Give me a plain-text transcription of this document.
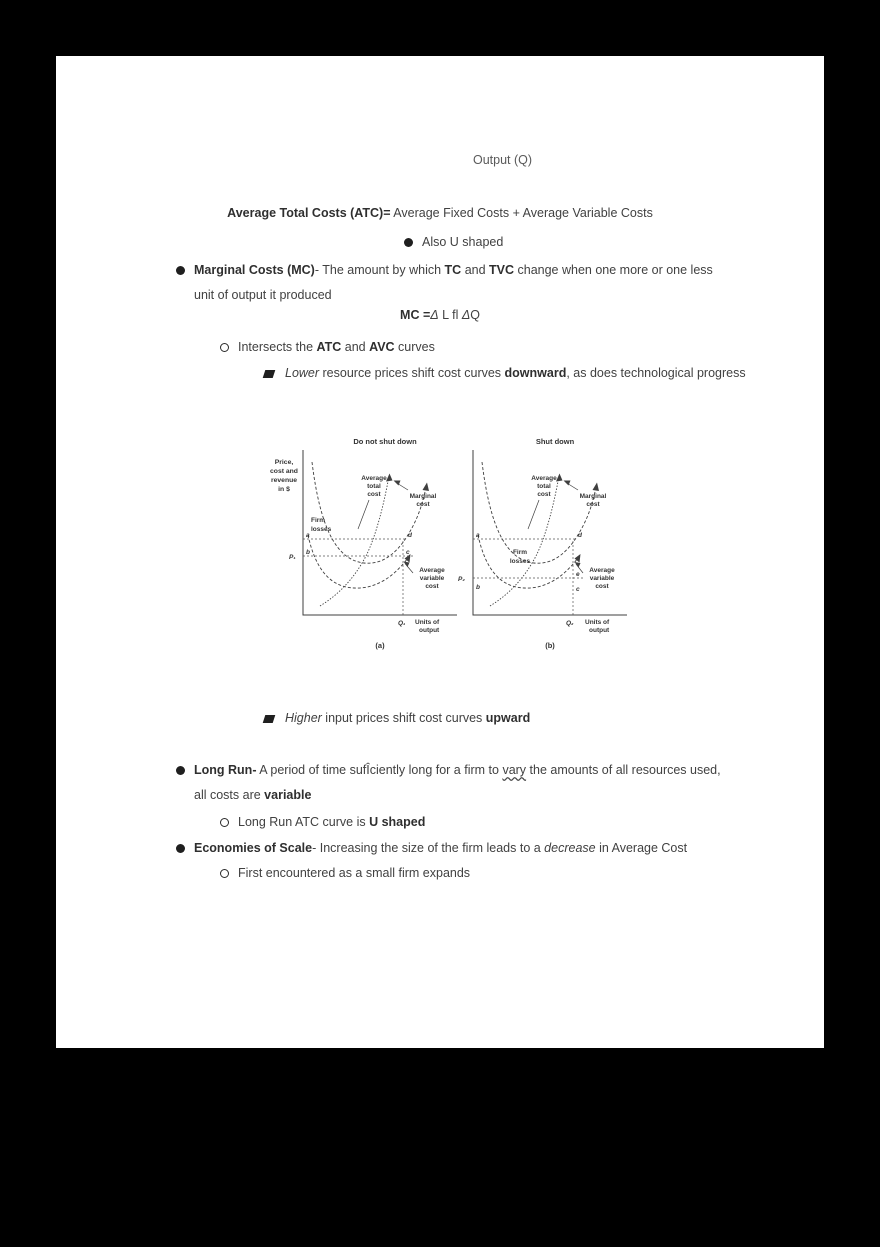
Output (Q)
Average Total Costs (ATC)= Average Fixed Costs + Average Variable Costs
Also U shaped
Marginal Costs (MC)- The amount by which TC and TVC change when one more or one less unit of output it produced
MC =Δ L fl ΔQ
Intersects the ATC and AVC curves
Lower resource prices shift cost curves downward, as does technological progress
Do not shut down
Price,
cost and
revenue
in $
Average
total
cost	Marginal
cost
Firm
losses
Average
variable
cost
a
b
d
c
P₁
Q₁ Units of
output
(a)
Shut down
Average
total
cost	Marginal
cost
Firm
losses
Average
variable
cost
a	d
e
b	c
P₂
Q₂ Units of
output
(b)
Higher input prices shift cost curves upward
Long Run- A period of time sufÎciently long for a firm to vary the amounts of all resources used, all costs are variable
Long Run ATC curve is U shaped
Economies of Scale- Increasing the size of the firm leads to a decrease in Average Cost
First encountered as a small firm expands
